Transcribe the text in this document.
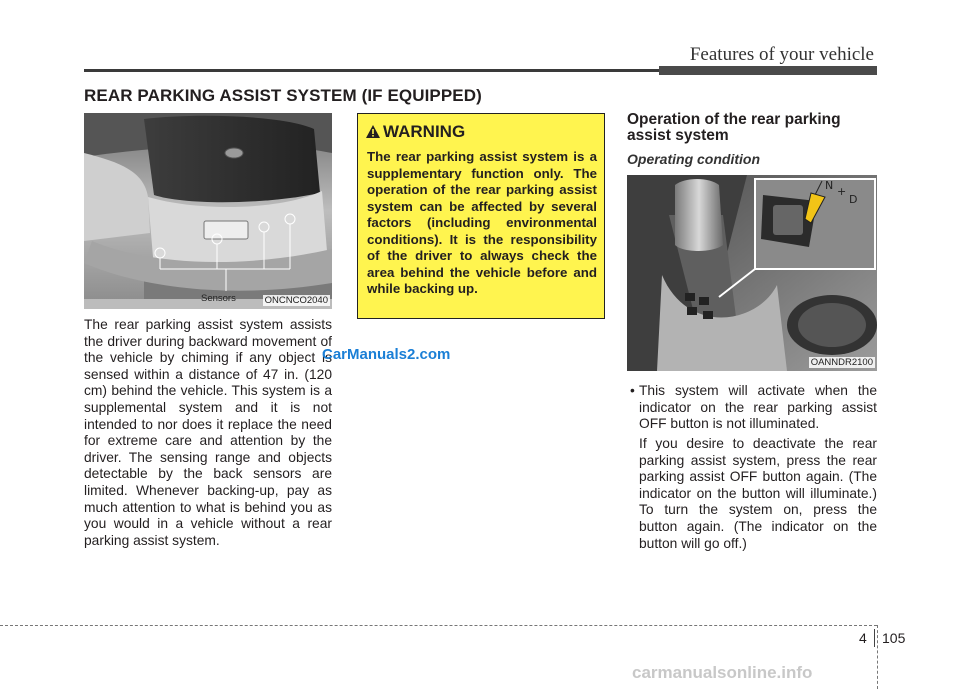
Features of your vehicle
REAR PARKING ASSIST SYSTEM (IF EQUIPPED)
Sensors	ONCNCO2040
The rear parking assist system assists the driver during backward movement of the vehicle by chiming if any object is sensed within a distance of 47 in. (120 cm) behind the vehicle. This system is a supplemental system and it is not intended to nor does it replace the need for extreme care and attention by the driver. The sensing range and objects detectable by the back sensors are limited. Whenever backing-up, pay as much attention to what is behind you as you would in a vehicle without a rear parking assist system.
WARNING
The rear parking assist system is a supplementary function only. The operation of the rear parking assist system can be affected by several factors (including environmental conditions). It is the responsibility of the driver to always check the area behind the vehicle before and while backing up.
Operation of the rear parking
assist system
Operating condition
N +
D
OANNDR2100
• This system will activate when the indicator on the rear parking assist OFF button is not illuminated.
If you desire to deactivate the rear parking assist system, press the rear parking assist OFF button again. (The indicator on the button will illuminate.) To turn the system on, press the button again. (The indicator on the button will go off.)
CarManuals2.com
4 105
carmanualsonline.info
